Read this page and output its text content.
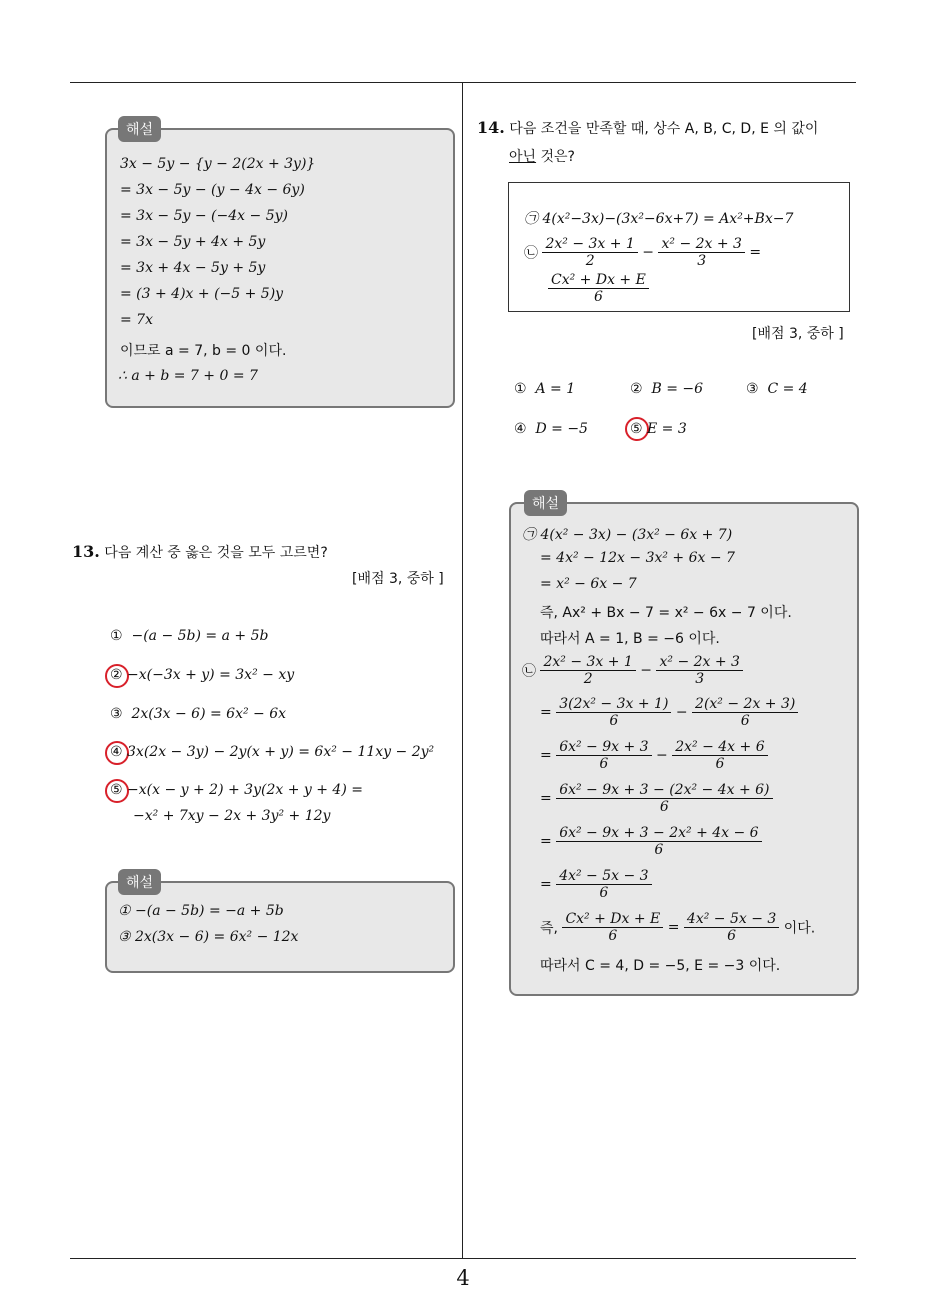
4
해설
3x − 5y − {y − 2(2x + 3y)}
= 3x − 5y − (y − 4x − 6y)
= 3x − 5y − (−4x − 5y)
= 3x − 5y + 4x + 5y
= 3x + 4x − 5y + 5y
= (3 + 4)x + (−5 + 5)y
= 7x
이므로 a = 7, b = 0 이다.
∴ a + b = 7 + 0 = 7
13. 다음 계산 중 옳은 것을 모두 고르면?
[배점 3, 중하 ]
① −(a − 5b) = a + 5b
② −x(−3x + y) = 3x² − xy
③ 2x(3x − 6) = 6x² − 6x
④ 3x(2x − 3y) − 2y(x + y) = 6x² − 11xy − 2y²
⑤ −x(x − y + 2) + 3y(2x + y + 4) =
−x² + 7xy − 2x + 3y² + 12y
해설
① −(a − 5b) = −a + 5b
③ 2x(3x − 6) = 6x² − 12x
14. 다음 조건을 만족할 때, 상수 A, B, C, D, E 의 값이
아닌 것은?
㉠ 4(x²−3x)−(3x²−6x+7) = Ax²+Bx−7
㉡ $\frac{\text{2x² − 3x + 1}}{2} - \frac{\text{x² − 2x + 3}}{3}$ =
$\frac{\text{Cx² + Dx + E}}{6}$
[배점 3, 중하 ]
① A = 1	② B = −6	③ C = 4
④ D = −5	⑤ E = 3
해설
㉠ 4(x² − 3x) − (3x² − 6x + 7)
= 4x² − 12x − 3x² + 6x − 7
= x² − 6x − 7
즉, Ax² + Bx − 7 = x² − 6x − 7 이다.
따라서 A = 1, B = −6 이다.
㉡ $\frac{\text{2x² − 3x + 1}}{2} - \frac{\text{x² − 2x + 3}}{3}$
= $\frac{\text{3(2x² − 3x + 1)}}{6} - \frac{\text{2(x² − 2x + 3)}}{6}$
= $\frac{\text{6x² − 9x + 3}}{6} - \frac{\text{2x² − 4x + 6}}{6}$
= $\frac{\text{6x² − 9x + 3 − (2x² − 4x + 6)}}{6}$
= $\frac{\text{6x² − 9x + 3 − 2x² + 4x − 6}}{6}$
= $\frac{\text{4x² − 5x − 3}}{6}$
즉, $\frac{\text{Cx² + Dx + E}}{6} = \frac{\text{4x² − 5x − 3}}{6}$ 이다.
따라서 C = 4, D = −5, E = −3 이다.
